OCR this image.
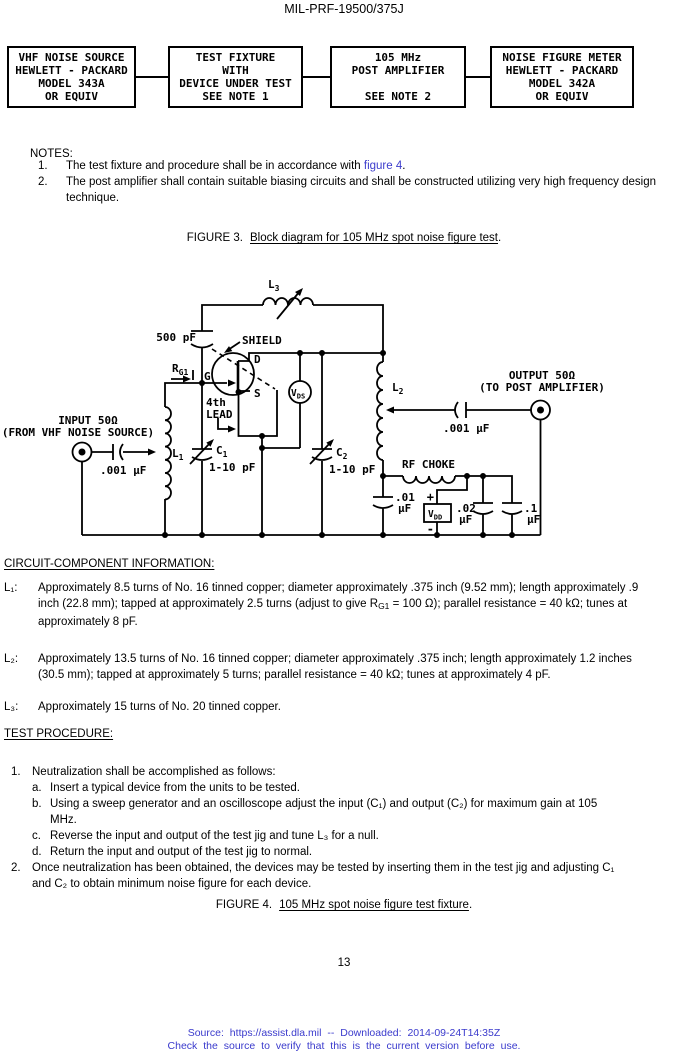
MIL-PRF-19500/375J
VHF NOISE SOURCE
HEWLETT - PACKARD
MODEL 343A
OR EQUIV
TEST FIXTURE
WITH
DEVICE UNDER TEST
SEE NOTE 1
105 MHz
POST AMPLIFIER
SEE NOTE 2
NOISE FIGURE METER
HEWLETT - PACKARD
MODEL 342A
OR EQUIV
NOTES:
1. The test fixture and procedure shall be in accordance with figure 4.
2. The post amplifier shall contain suitable biasing circuits and shall be constructed utilizing very high frequency design technique.
FIGURE 3. Block diagram for 105 MHz spot noise figure test.
$L_3$
500 pF	SHIELD
$R_{G1}$ G
D
S
4th
LEAD
$V_{DS}$
$C_1$
1-10 pF
$C_2$
1-10 pF
$L_1$
$L_2$
INPUT 50Ω
(FROM VHF NOISE SOURCE)
.001 μF
OUTPUT 50Ω
(TO POST AMPLIFIER)
.001 μF
RF CHOKE
.01
μF $V_{DD}$
+
-
.02
μF
.1
μF
CIRCUIT-COMPONENT INFORMATION:
L₁: Approximately 8.5 turns of No. 16 tinned copper; diameter approximately .375 inch (9.52 mm); length approximately .9 inch (22.8 mm); tapped at approximately 2.5 turns (adjust to give RG1 = 100 Ω); parallel resistance = 40 kΩ; tunes at approximately 8 pF.
L₂: Approximately 13.5 turns of No. 16 tinned copper; diameter approximately .375 inch; length approximately 1.2 inches (30.5 mm); tapped at approximately 5 turns; parallel resistance = 40 kΩ; tunes at approximately 4 pF.
L₃: Approximately 15 turns of No. 20 tinned copper.
TEST PROCEDURE:
1. Neutralization shall be accomplished as follows:
a. Insert a typical device from the units to be tested.
b. Using a sweep generator and an oscilloscope adjust the input (C₁) and output (C₂) for maximum gain at 105 MHz.
c. Reverse the input and output of the test jig and tune L₃ for a null.
d. Return the input and output of the test jig to normal.
2. Once neutralization has been obtained, the devices may be tested by inserting them in the test jig and adjusting C₁ and C₂ to obtain minimum noise figure for each device.
FIGURE 4. 105 MHz spot noise figure test fixture.
13
Source: https://assist.dla.mil -- Downloaded: 2014-09-24T14:35Z
Check the source to verify that this is the current version before use.
